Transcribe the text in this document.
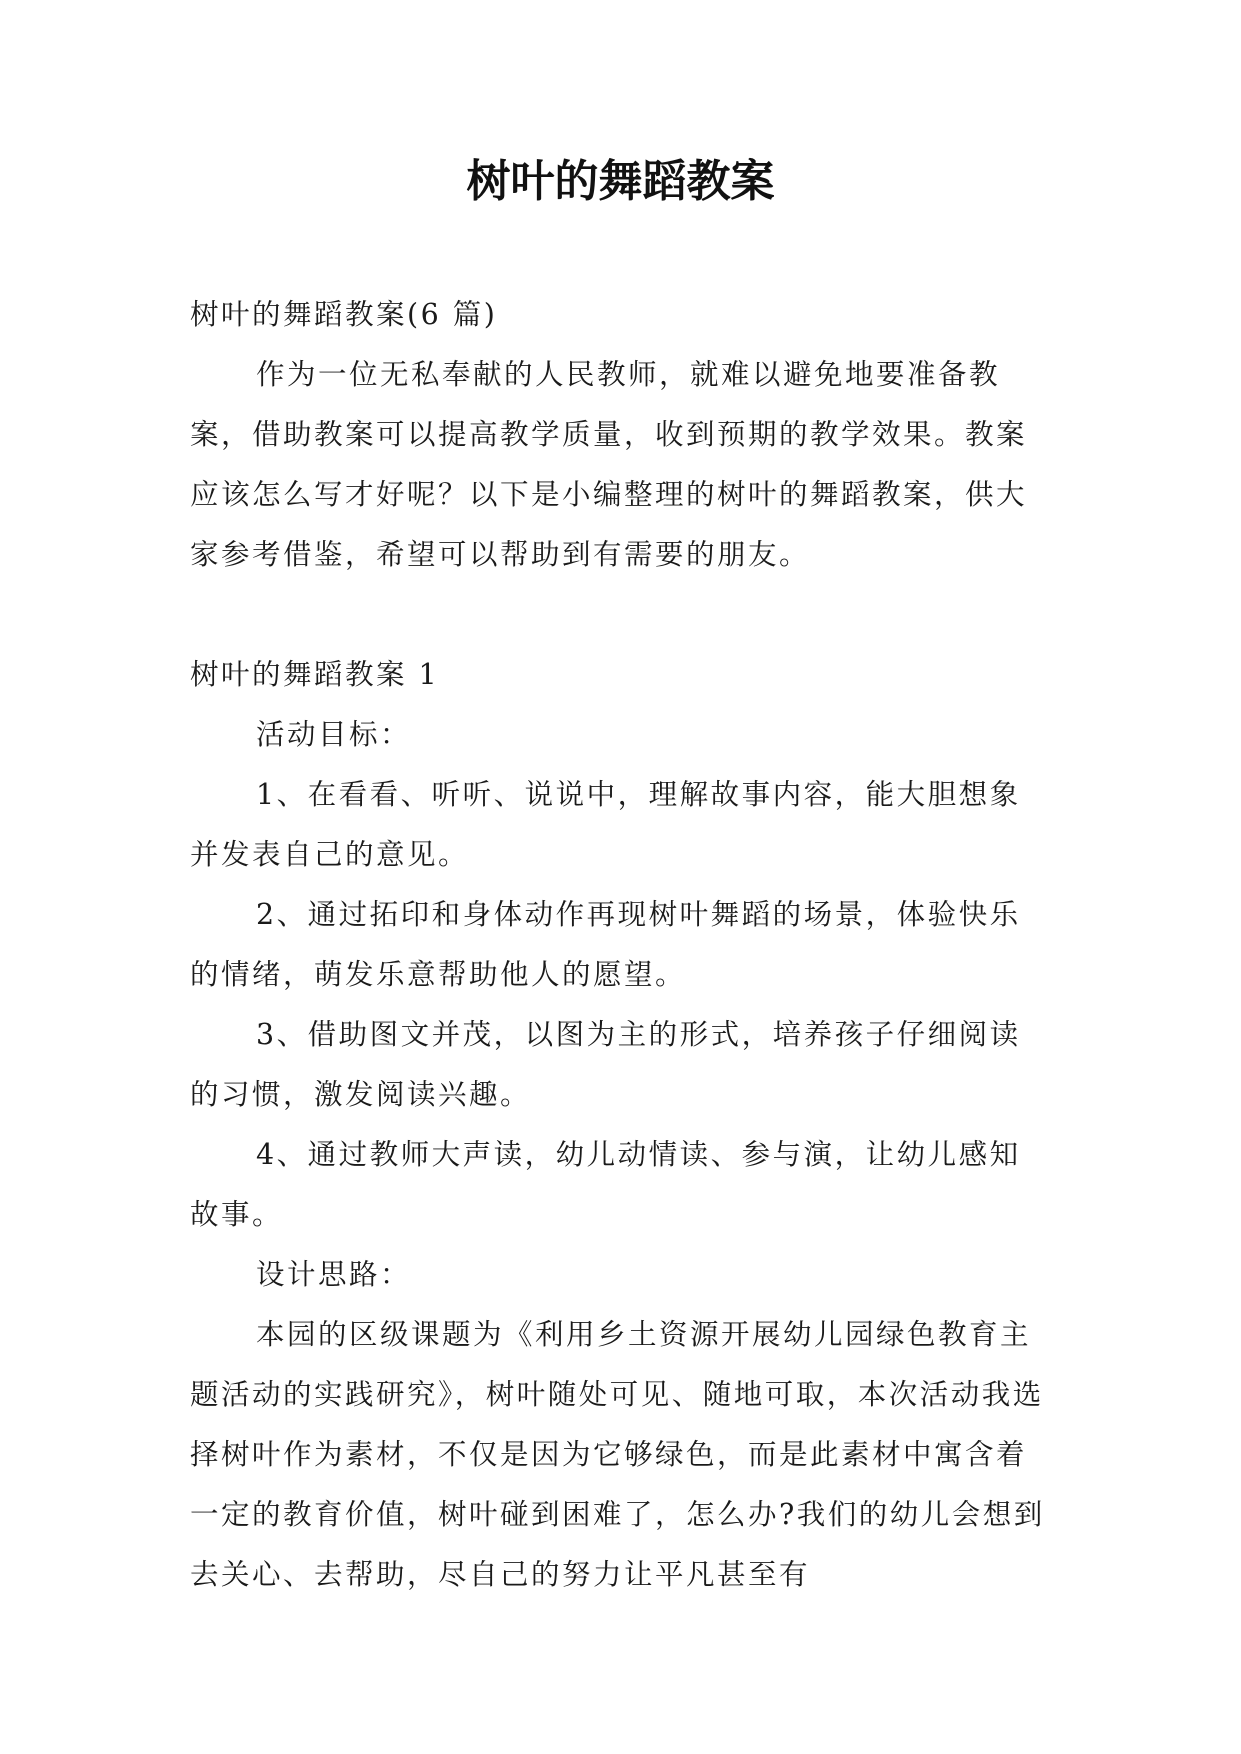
树叶的舞蹈教案

树叶的舞蹈教案(6 篇)

作为一位无私奉献的人民教师，就难以避免地要准备教案，借助教案可以提高教学质量，收到预期的教学效果。教案应该怎么写才好呢？以下是小编整理的树叶的舞蹈教案，供大家参考借鉴，希望可以帮助到有需要的朋友。

树叶的舞蹈教案 1

活动目标：

1、在看看、听听、说说中，理解故事内容，能大胆想象并发表自己的意见。

2、通过拓印和身体动作再现树叶舞蹈的场景，体验快乐的情绪，萌发乐意帮助他人的愿望。

3、借助图文并茂，以图为主的形式，培养孩子仔细阅读的习惯，激发阅读兴趣。

4、通过教师大声读，幼儿动情读、参与演，让幼儿感知故事。

设计思路：

本园的区级课题为《利用乡土资源开展幼儿园绿色教育主题活动的实践研究》，树叶随处可见、随地可取，本次活动我选择树叶作为素材，不仅是因为它够绿色，而是此素材中寓含着一定的教育价值，树叶碰到困难了，怎么办?我们的幼儿会想到去关心、去帮助，尽自己的努力让平凡甚至有
